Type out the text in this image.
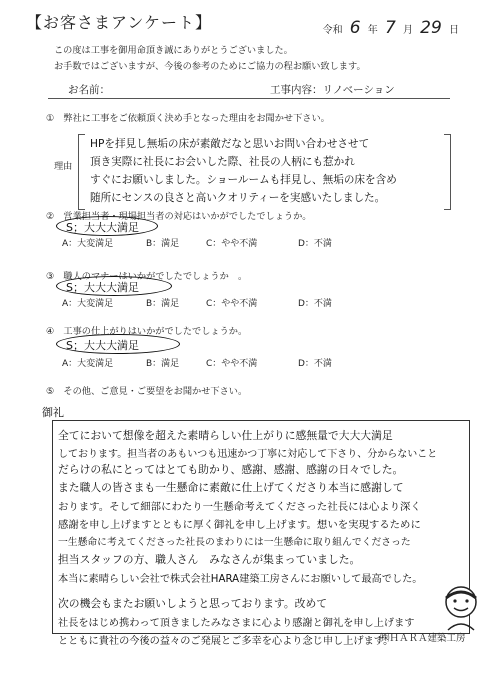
【お客さまアンケート】	令和 6 年 7 月 29 日
この度は工事を御用命頂き誠にありがとうございました。
お手数ではございますが、今後の参考のためにご協力の程お願い致します。
お名前：	工事内容：リノベーション
①　弊社に工事をご依頼頂く決め手となった理由をお聞かせ下さい。
理由
HPを拝見し無垢の床が素敵だなと思いお問い合わせさせて
頂き実際に社長にお会いした際、社長の人柄にも惹かれ
すぐにお願いしました。ショールームも拝見し、無垢の床を含め
随所にセンスの良さと高いクオリティーを実感いたしました。
②　営業担当者・現場担当者の対応はいかがでしたでしょうか。
S；大大大満足
A：大変満足	B：満足	C：やや不満	D：不満
③　職人のマナーはいかがでしたでしょうか　。
S；大大大満足
A：大変満足	B：満足	C：やや不満	D：不満
④　工事の仕上がりはいかがでしたでしょうか。
S；大大大満足
A：大変満足	B：満足	C：やや不満	D：不満
⑤　その他、ご意見・ご要望をお聞かせ下さい。
御礼
全てにおいて想像を超えた素晴らしい仕上がりに感無量で大大大満足
しております。担当者のあもいつも迅速かつ丁寧に対応して下さり、分からないこと
だらけの私にとってはとても助かり、感謝、感謝、感謝の日々でした。
また職人の皆さまも一生懸命に素敵に仕上げてくださり本当に感謝して
おります。そして細部にわたり一生懸命考えてくださった社長には心より深く
感謝を申し上げますとともに厚く御礼を申し上げます。想いを実現するために
一生懸命に考えてくださった社長のまわりには一生懸命に取り組んでくださった
担当スタッフの方、職人さん　みなさんが集まっていました。
本当に素晴らしい会社で株式会社HARA建築工房さんにお願いして最高でした。
次の機会もまたお願いしようと思っております。改めて
社長をはじめ携わって頂きましたみなさまに心より感謝と御礼を申し上げます
とともに貴社の今後の益々のご発展とご多幸を心より念じ申し上げます。
㈱ＨＡＲＡ建築工房
